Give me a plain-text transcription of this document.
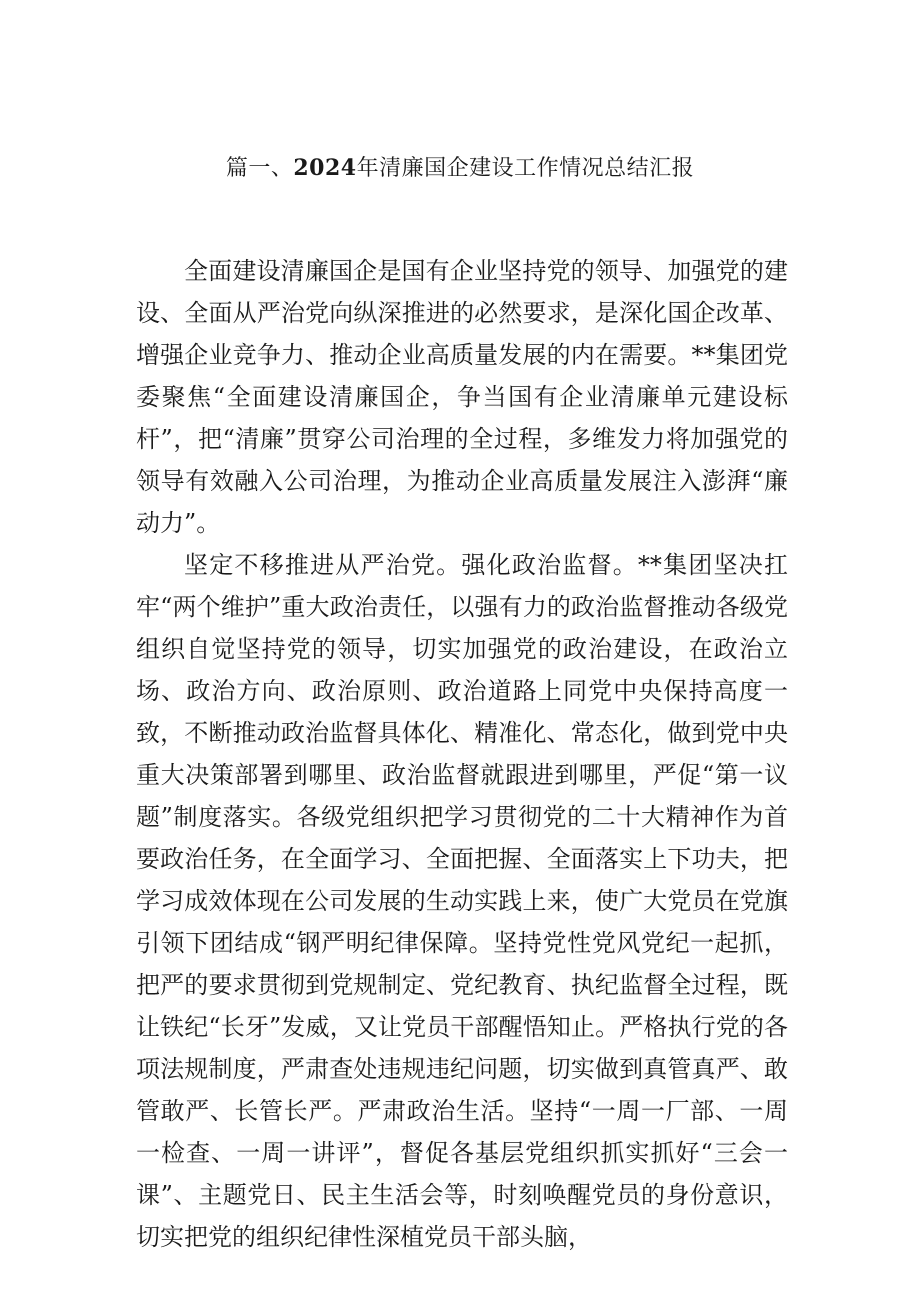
篇一、2024年清廉国企建设工作情况总结汇报

全面建设清廉国企是国有企业坚持党的领导、加强党的建设、全面从严治党向纵深推进的必然要求，是深化国企改革、增强企业竞争力、推动企业高质量发展的内在需要。**集团党委聚焦“全面建设清廉国企，争当国有企业清廉单元建设标杆”，把“清廉”贯穿公司治理的全过程，多维发力将加强党的领导有效融入公司治理，为推动企业高质量发展注入澎湃“廉动力”。

坚定不移推进从严治党。强化政治监督。**集团坚决扛牢“两个维护”重大政治责任，以强有力的政治监督推动各级党组织自觉坚持党的领导，切实加强党的政治建设，在政治立场、政治方向、政治原则、政治道路上同党中央保持高度一致，不断推动政治监督具体化、精准化、常态化，做到党中央重大决策部署到哪里、政治监督就跟进到哪里，严促“第一议题”制度落实。各级党组织把学习贯彻党的二十大精神作为首要政治任务，在全面学习、全面把握、全面落实上下功夫，把学习成效体现在公司发展的生动实践上来，使广大党员在党旗引领下团结成“钢严明纪律保障。坚持党性党风党纪一起抓，把严的要求贯彻到党规制定、党纪教育、执纪监督全过程，既让铁纪“长牙”发威，又让党员干部醒悟知止。严格执行党的各项法规制度，严肃查处违规违纪问题，切实做到真管真严、敢管敢严、长管长严。严肃政治生活。坚持“一周一厂部、一周一检查、一周一讲评”，督促各基层党组织抓实抓好“三会一课”、主题党日、民主生活会等，时刻唤醒党员的身份意识，切实把党的组织纪律性深植党员干部头脑，
